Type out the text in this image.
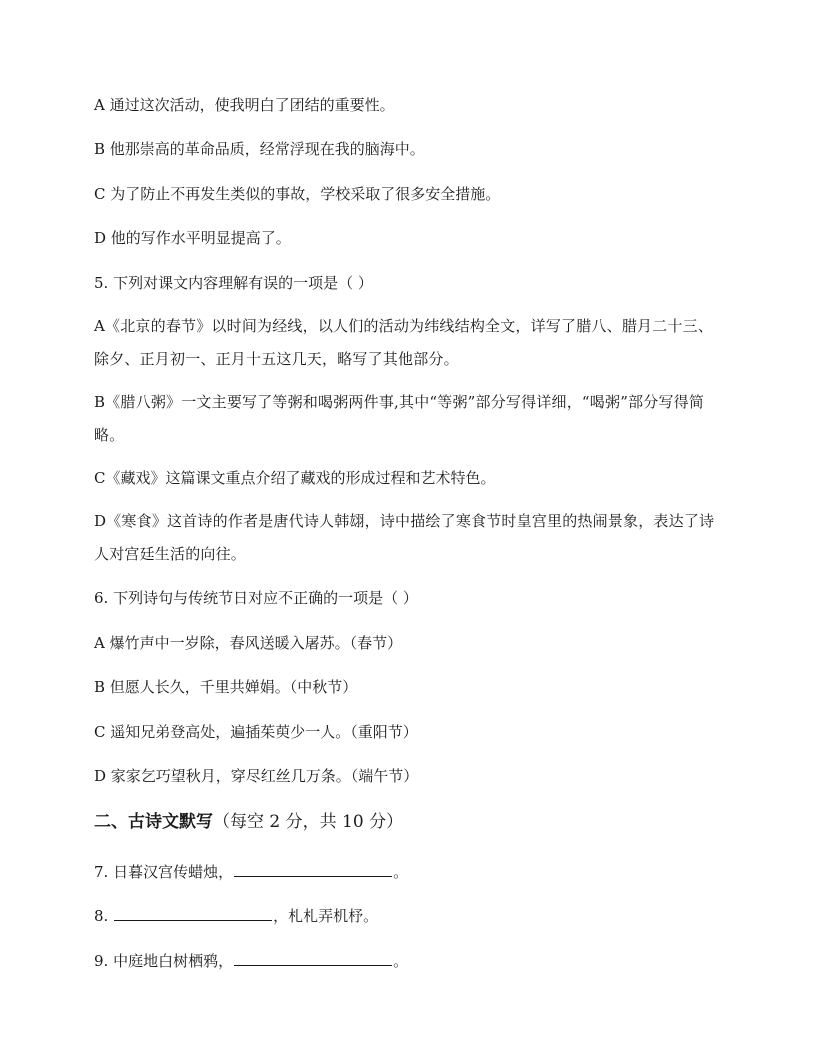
A 通过这次活动，使我明白了团结的重要性。
B 他那崇高的革命品质，经常浮现在我的脑海中。
C 为了防止不再发生类似的事故，学校采取了很多安全措施。
D 他的写作水平明显提高了。
5. 下列对课文内容理解有误的一项是（ ）
A《北京的春节》以时间为经线，以人们的活动为纬线结构全文，详写了腊八、腊月二十三、除夕、正月初一、正月十五这几天，略写了其他部分。
B《腊八粥》一文主要写了等粥和喝粥两件事,其中“等粥”部分写得详细，“喝粥”部分写得简略。
C《藏戏》这篇课文重点介绍了藏戏的形成过程和艺术特色。
D《寒食》这首诗的作者是唐代诗人韩翃，诗中描绘了寒食节时皇宫里的热闹景象，表达了诗人对宫廷生活的向往。
6. 下列诗句与传统节日对应不正确的一项是（ ）
A 爆竹声中一岁除，春风送暖入屠苏。（春节）
B 但愿人长久，千里共婵娟。（中秋节）
C 遥知兄弟登高处，遍插茱萸少一人。（重阳节）
D 家家乞巧望秋月，穿尽红丝几万条。（端午节）
二、古诗文默写（每空 2 分，共 10 分）
7. 日暮汉宫传蜡烛，	。
8.	，札札弄机杼。
9. 中庭地白树栖鸦，	。
